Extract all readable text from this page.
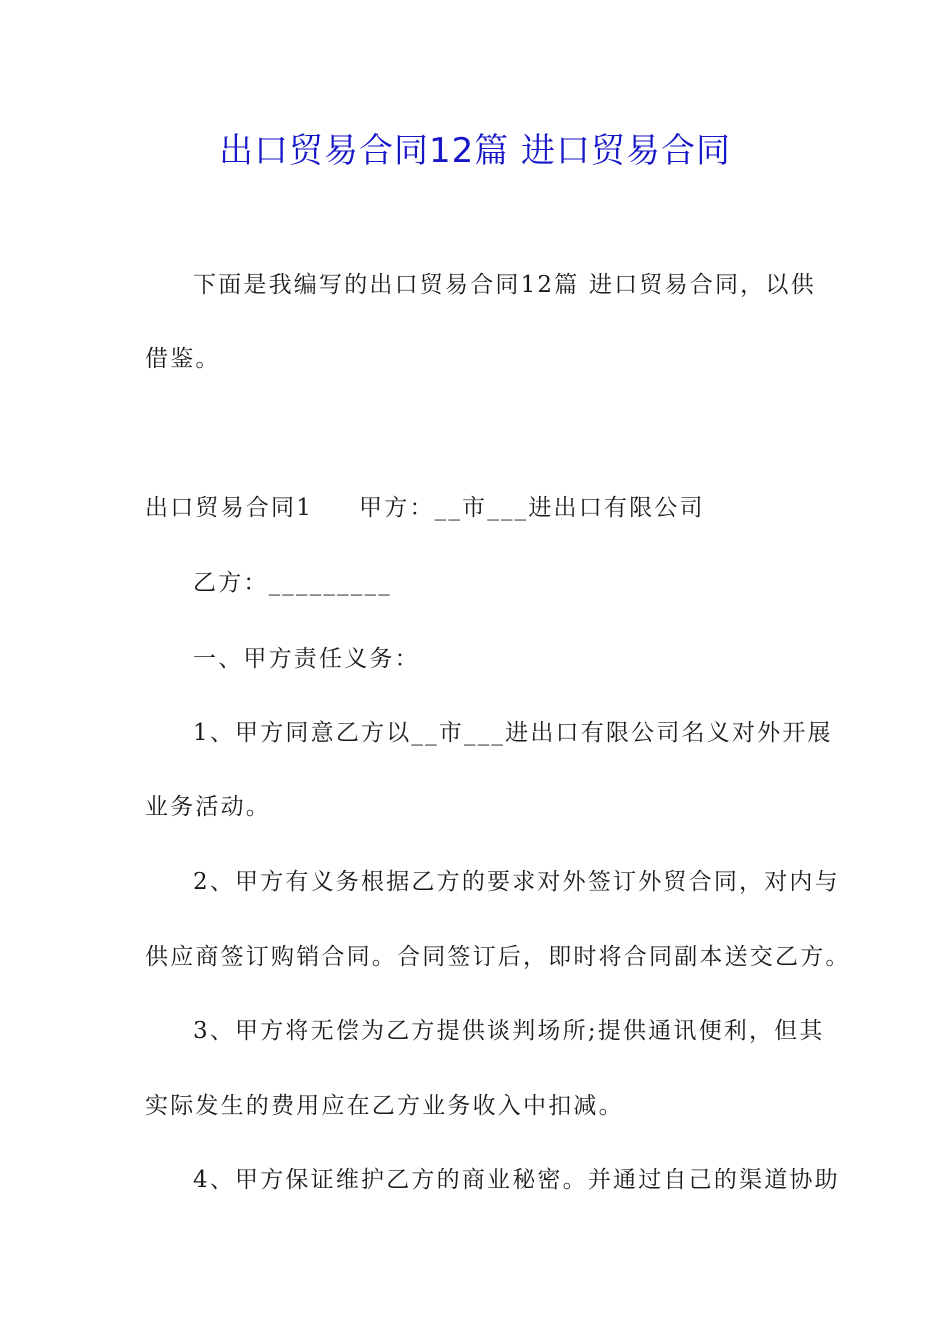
出口贸易合同12篇 进口贸易合同
下面是我编写的出口贸易合同12篇 进口贸易合同，以供
借鉴。
出口贸易合同1 甲方：__市___进出口有限公司
乙方：_________
一、甲方责任义务：
1、甲方同意乙方以__市___进出口有限公司名义对外开展
业务活动。
2、甲方有义务根据乙方的要求对外签订外贸合同，对内与
供应商签订购销合同。合同签订后，即时将合同副本送交乙方。
3、甲方将无偿为乙方提供谈判场所;提供通讯便利，但其
实际发生的费用应在乙方业务收入中扣减。
4、甲方保证维护乙方的商业秘密。并通过自己的渠道协助
